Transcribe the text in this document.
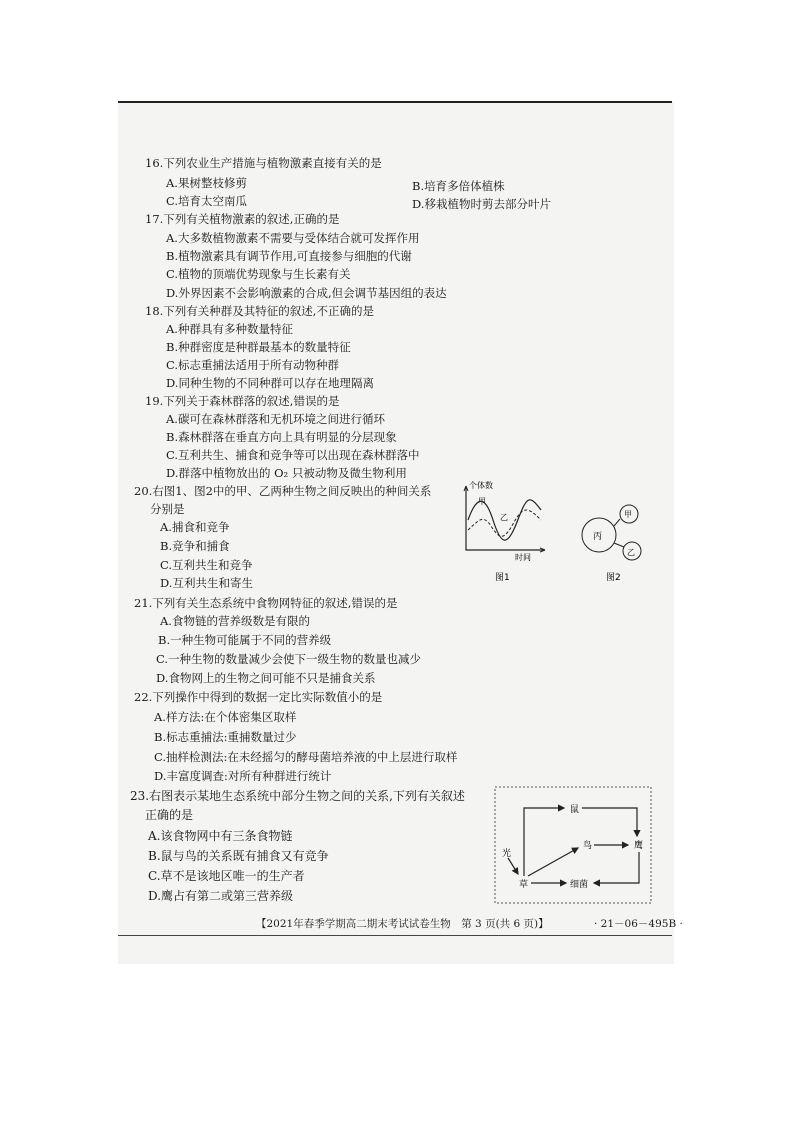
16.下列农业生产措施与植物激素直接有关的是
A.果树整枝修剪	B.培育多倍体植株
C.培育太空南瓜	D.移栽植物时剪去部分叶片
17.下列有关植物激素的叙述,正确的是
A.大多数植物激素不需要与受体结合就可发挥作用
B.植物激素具有调节作用,可直接参与细胞的代谢
C.植物的顶端优势现象与生长素有关
D.外界因素不会影响激素的合成,但会调节基因组的表达
18.下列有关种群及其特征的叙述,不正确的是
A.种群具有多种数量特征
B.种群密度是种群最基本的数量特征
C.标志重捕法适用于所有动物种群
D.同种生物的不同种群可以存在地理隔离
19.下列关于森林群落的叙述,错误的是
A.碳可在森林群落和无机环境之间进行循环
B.森林群落在垂直方向上具有明显的分层现象
C.互利共生、捕食和竞争等可以出现在森林群落中
D.群落中植物放出的 O₂ 只被动物及微生物利用
20.右图1、图2中的甲、乙两种生物之间反映出的种间关系
分别是
A.捕食和竞争
B.竞争和捕食
C.互利共生和竞争
D.互利共生和寄生
个体数
甲
乙
时间
图1
丙
甲
乙
图2
21.下列有关生态系统中食物网特征的叙述,错误的是
A.食物链的营养级数是有限的
B.一种生物可能属于不同的营养级
C.一种生物的数量减少会使下一级生物的数量也减少
D.食物网上的生物之间可能不只是捕食关系
22.下列操作中得到的数据一定比实际数值小的是
A.样方法:在个体密集区取样
B.标志重捕法:重捕数量过少
C.抽样检测法:在未经摇匀的酵母菌培养液的中上层进行取样
D.丰富度调查:对所有种群进行统计
23.右图表示某地生态系统中部分生物之间的关系,下列有关叙述
正确的是
A.该食物网中有三条食物链
B.鼠与鸟的关系既有捕食又有竞争
C.草不是该地区唯一的生产者
D.鹰占有第二或第三营养级
鼠
鸟	鹰
光
草	细菌
【2021年春季学期高二期末考试试卷生物　第 3 页(共 6 页)】	· 21－06－495B ·
